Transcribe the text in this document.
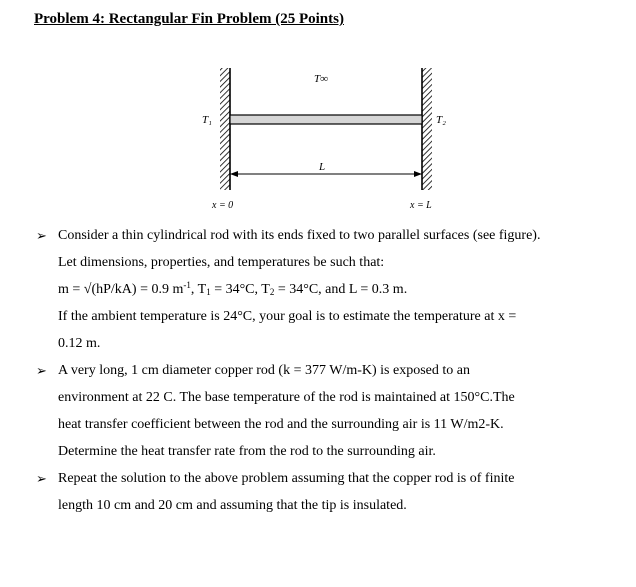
Problem 4: Rectangular Fin Problem (25 Points)
T∞
T₁	T₂
L
x = 0	x = L
➢ Consider a thin cylindrical rod with its ends fixed to two parallel surfaces (see figure).
Let dimensions, properties, and temperatures be such that:
m = √(hP/kA) = 0.9 $m^{-1}$, $T_1 = 34^\circ C$, $T_2 = 34^\circ C$, and L = 0.3 m.
If the ambient temperature is 24°C, your goal is to estimate the temperature at x =
0.12 m.
➢ A very long, 1 cm diameter copper rod (k = 377 W/m-K) is exposed to an
environment at 22 C. The base temperature of the rod is maintained at 150°C.The
heat transfer coefficient between the rod and the surrounding air is 11 W/m2-K.
Determine the heat transfer rate from the rod to the surrounding air.
➢ Repeat the solution to the above problem assuming that the copper rod is of finite
length 10 cm and 20 cm and assuming that the tip is insulated.
